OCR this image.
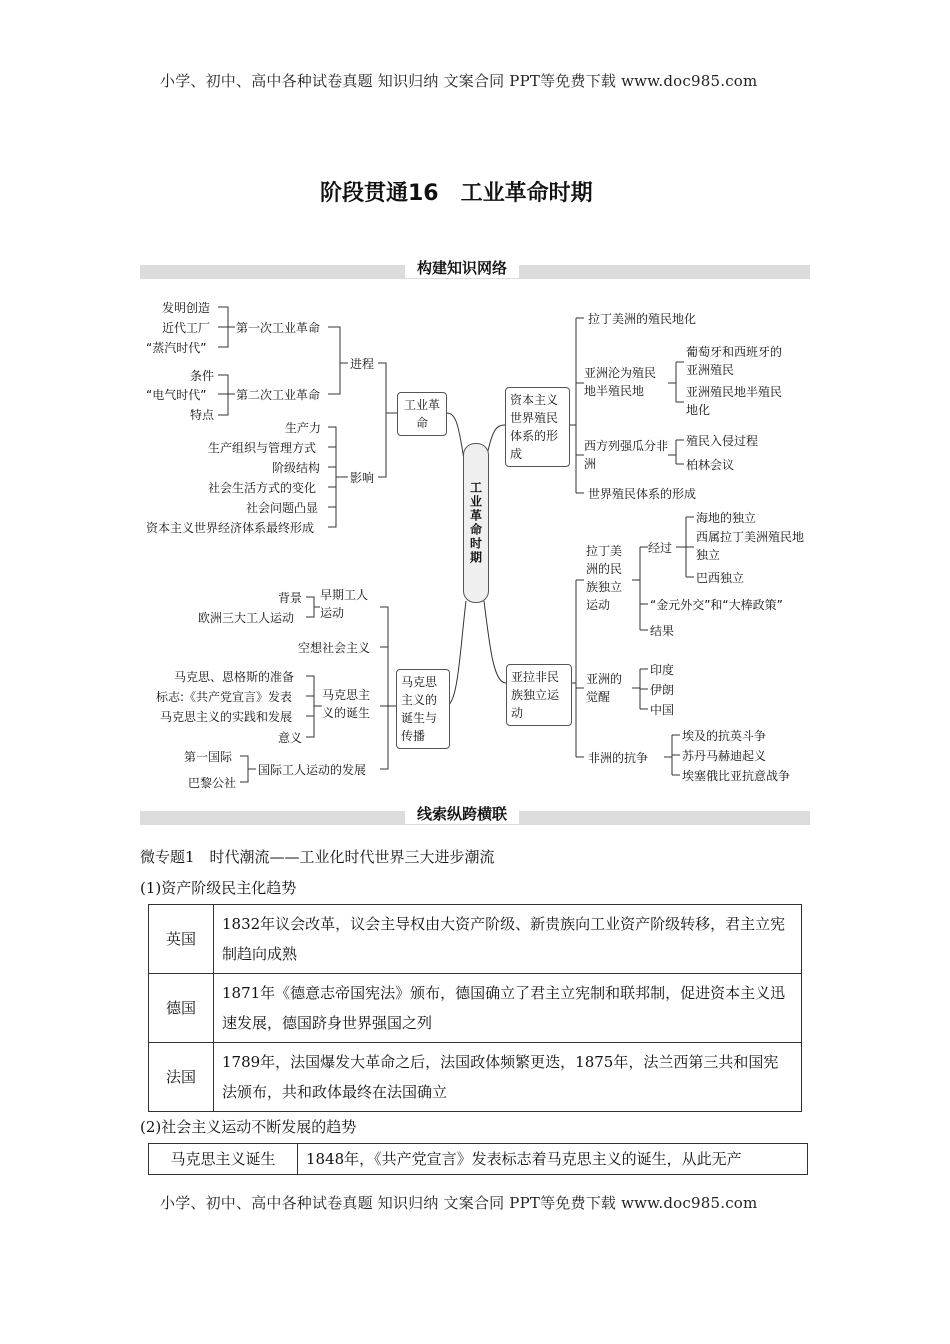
小学、初中、高中各种试卷真题 知识归纳 文案合同 PPT等免费下载 www.doc985.com
阶段贯通16　工业革命时期
构建知识网络
发明创造
近代工厂
“蒸汽时代”
第一次工业革命
条件
“电气时代”
特点
第二次工业革命
进程
生产力
生产组织与管理方式
阶级结构
社会生活方式的变化
社会问题凸显
资本主义世界经济体系最终形成
影响
工业革命
工业革命时期
背景
欧洲三大工人运动
早期工人运动
空想社会主义
马克思、恩格斯的准备
标志:《共产党宣言》发表
马克思主义的实践和发展
意义
马克思主义的诞生
第一国际
巴黎公社
国际工人运动的发展
马克思主义的诞生与传播
资本主义世界殖民体系的形成
拉丁美洲的殖民地化
亚洲沦为殖民地半殖民地
葡萄牙和西班牙的亚洲殖民
亚洲殖民地半殖民地化
西方列强瓜分非洲
殖民入侵过程
柏林会议
世界殖民体系的形成
亚拉非民族独立运动
拉丁美洲的民族独立运动
经过
海地的独立
西属拉丁美洲殖民地独立
巴西独立
“金元外交”和“大棒政策”
结果
亚洲的觉醒
印度
伊朗
中国
非洲的抗争
埃及的抗英斗争
苏丹马赫迪起义
埃塞俄比亚抗意战争
线索纵跨横联
微专题1　时代潮流——工业化时代世界三大进步潮流
(1)资产阶级民主化趋势
英国	1832年议会改革，议会主导权由大资产阶级、新贵族向工业资产阶级转移，君主立宪制趋向成熟
德国	1871年《德意志帝国宪法》颁布，德国确立了君主立宪制和联邦制，促进资本主义迅速发展，德国跻身世界强国之列
法国	1789年，法国爆发大革命之后，法国政体频繁更迭，1875年，法兰西第三共和国宪法颁布，共和政体最终在法国确立
(2)社会主义运动不断发展的趋势
马克思主义诞生	1848年，《共产党宣言》发表标志着马克思主义的诞生，从此无产
小学、初中、高中各种试卷真题 知识归纳 文案合同 PPT等免费下载 www.doc985.com
